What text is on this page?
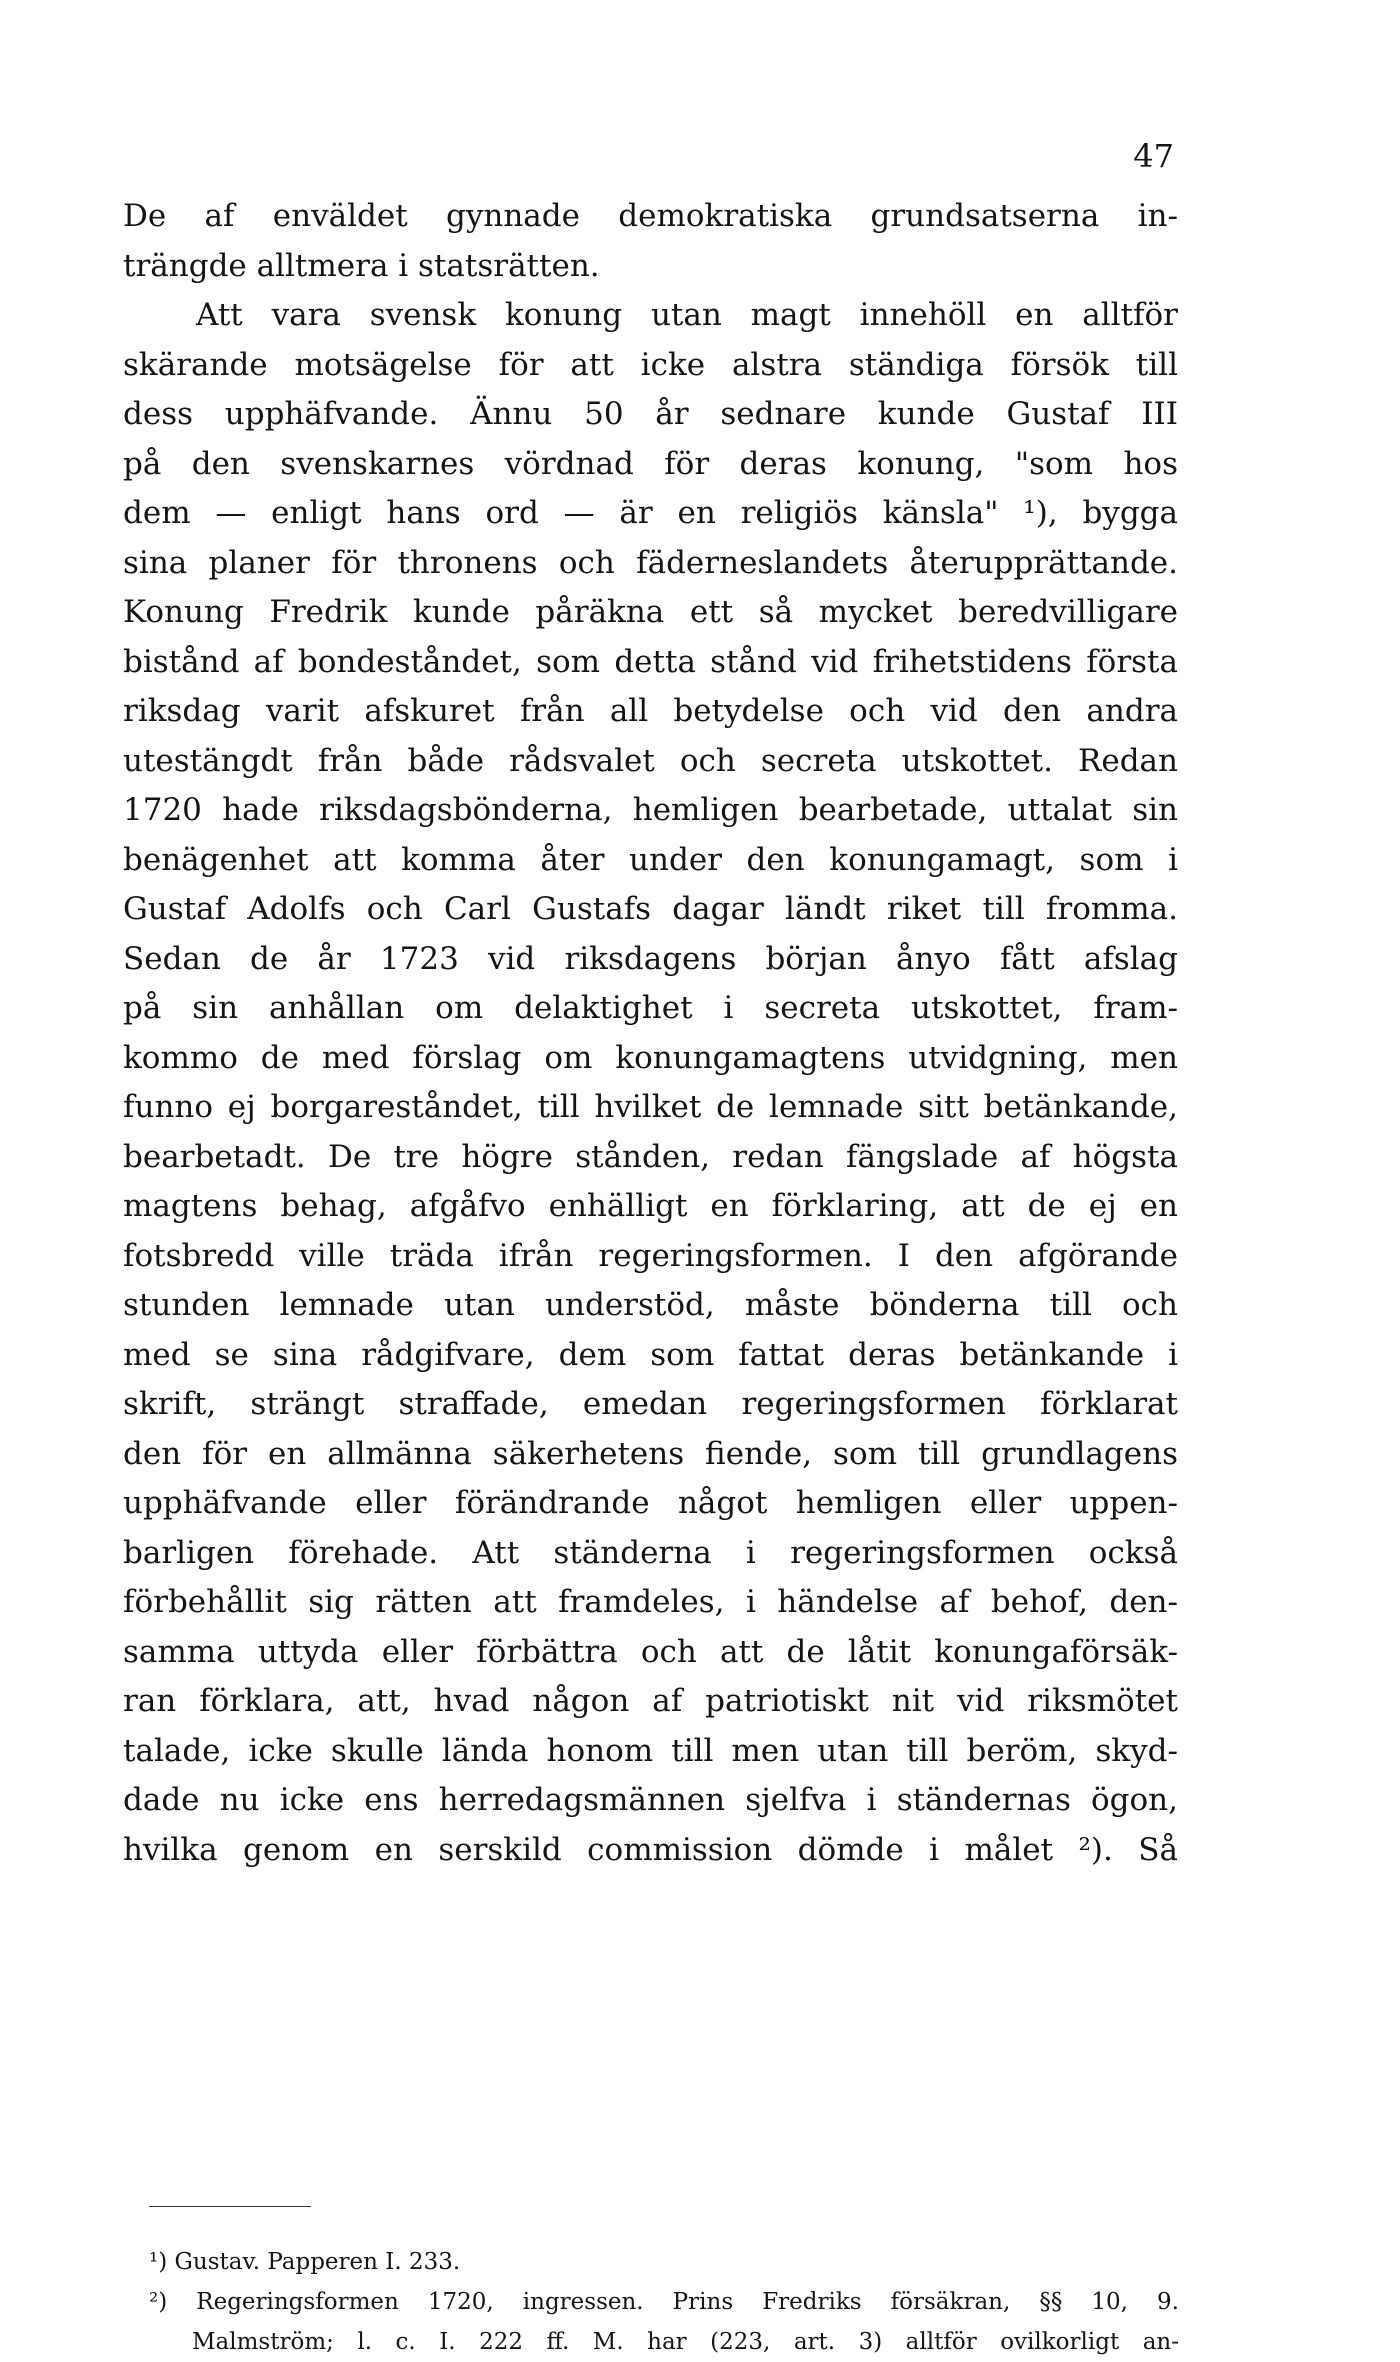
47
De af enväldet gynnade demokratiska grundsatserna in-
trängde alltmera i statsrätten.
Att vara svensk konung utan magt innehöll en alltför
skärande motsägelse för att icke alstra ständiga försök till
dess upphäfvande. Ännu 50 år sednare kunde Gustaf III
på den svenskarnes vördnad för deras konung, "som hos
dem — enligt hans ord — är en religiös känsla" ¹), bygga
sina planer för thronens och fäderneslandets återupprättande.
Konung Fredrik kunde påräkna ett så mycket beredvilligare
bistånd af bondeståndet, som detta stånd vid frihetstidens första
riksdag varit afskuret från all betydelse och vid den andra
utestängdt från både rådsvalet och secreta utskottet. Redan
1720 hade riksdagsbönderna, hemligen bearbetade, uttalat sin
benägenhet att komma åter under den konungamagt, som i
Gustaf Adolfs och Carl Gustafs dagar ländt riket till fromma.
Sedan de år 1723 vid riksdagens början ånyo fått afslag
på sin anhållan om delaktighet i secreta utskottet, fram-
kommo de med förslag om konungamagtens utvidgning, men
funno ej borgareståndet, till hvilket de lemnade sitt betänkande,
bearbetadt. De tre högre stånden, redan fängslade af högsta
magtens behag, afgåfvo enhälligt en förklaring, att de ej en
fotsbredd ville träda ifrån regeringsformen. I den afgörande
stunden lemnade utan understöd, måste bönderna till och
med se sina rådgifvare, dem som fattat deras betänkande i
skrift, strängt straffade, emedan regeringsformen förklarat
den för en allmänna säkerhetens fiende, som till grundlagens
upphäfvande eller förändrande något hemligen eller uppen-
barligen förehade. Att ständerna i regeringsformen också
förbehållit sig rätten att framdeles, i händelse af behof, den-
samma uttyda eller förbättra och att de låtit konungaförsäk-
ran förklara, att, hvad någon af patriotiskt nit vid riksmötet
talade, icke skulle lända honom till men utan till beröm, skyd-
dade nu icke ens herredagsmännen sjelfva i ständernas ögon,
hvilka genom en serskild commission dömde i målet ²). Så
¹) Gustav. Papperen I. 233.
²) Regeringsformen 1720, ingressen. Prins Fredriks försäkran, §§ 10, 9.
Malmström; l. c. I. 222 ff. M. har (223, art. 3) alltför ovilkorligt an-
